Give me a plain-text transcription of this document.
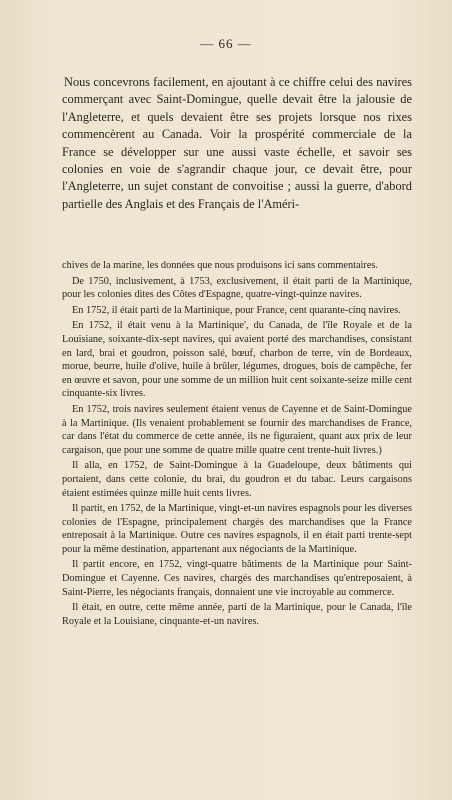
— 66 —

Nous concevrons facilement, en ajoutant à ce chiffre celui des navires commerçant avec Saint-Domingue, quelle devait être la jalousie de l'Angleterre, et quels devaient être ses projets lorsque nos rixes commencèrent au Canada. Voir la prospérité commerciale de la France se développer sur une aussi vaste échelle, et savoir ses colonies en voie de s'agrandir chaque jour, ce devait être, pour l'Angleterre, un sujet constant de convoitise ; aussi la guerre, d'abord partielle des Anglais et des Français de l'Améri-

chives de la marine, les données que nous produisons ici sans commentaires.

De 1750, inclusivement, à 1753, exclusivement, il était parti de la Martinique, pour les colonies dites des Côtes d'Espagne, quatre-vingt-quinze navires.

En 1752, il était parti de la Martinique, pour France, cent quarante-cinq navires.

En 1752, il était venu à la Martinique', du Canada, de l'île Royale et de la Louisiane, soixante-dix-sept navires, qui avaient porté des marchandises, consistant en lard, brai et goudron, poisson salé, bœuf, charbon de terre, vin de Bordeaux, morue, beurre, huile d'olive, huile à brûler, légumes, drogues, bois de campêche, fer en œuvre et savon, pour une somme de un million huit cent soixante-seize mille cent cinquante-six livres.

En 1752, trois navires seulement étaient venus de Cayenne et de Saint-Domingue à la Martinique. (Ils venaient probablement se fournir des marchandises de France, car dans l'état du commerce de cette année, ils ne figuraient, quant aux prix de leur cargaison, que pour une somme de quatre mille quatre cent trente-huit livres.)

Il alla, en 1752, de Saint-Domingue à la Guadeloupe, deux bâtiments qui portaient, dans cette colonie, du brai, du goudron et du tabac. Leurs cargaisons étaient estimées quinze mille huit cents livres.

Il partit, en 1752, de la Martinique, vingt-et-un navires espagnols pour les diverses colonies de l'Espagne, principalement chargés des marchandises que la France entreposait à la Martinique. Outre ces navires espagnols, il en était parti trente-sept pour la même destination, appartenant aux négociants de la Martinique.

Il partit encore, en 1752, vingt-quatre bâtiments de la Martinique pour Saint-Domingue et Cayenne. Ces navires, chargés des marchandises qu'entreposaient, à Saint-Pierre, les négociants français, donnaient une vie incroyable au commerce.

Il était, en outre, cette même année, parti de la Martinique, pour le Canada, l'île Royale et la Louisiane, cinquante-et-un navires.
